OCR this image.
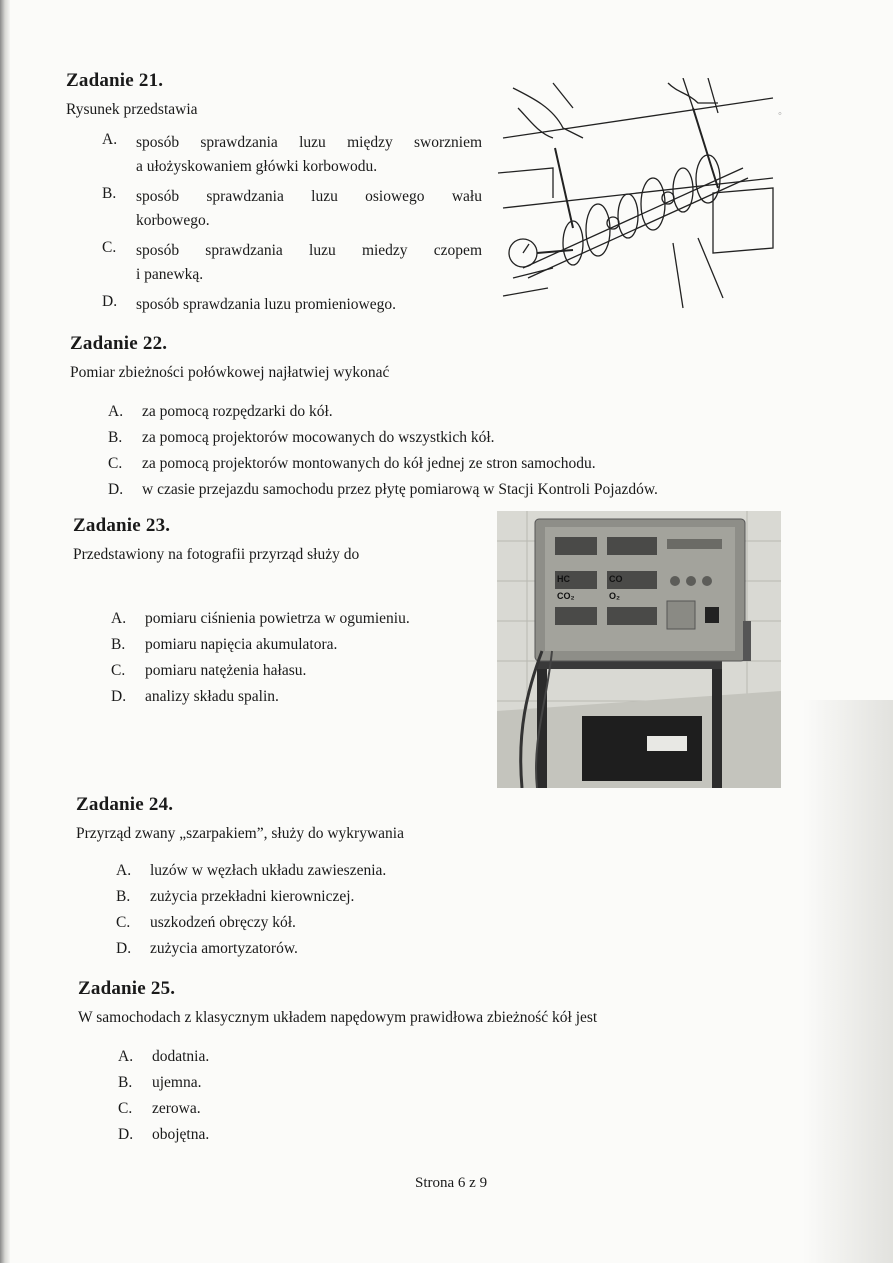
Zadanie 21.
Rysunek przedstawia
A.	sposób sprawdzania luzu między sworzniem
a ułożyskowaniem główki korbowodu.
B.	sposób sprawdzania luzu osiowego wału
korbowego.
C.	sposób sprawdzania luzu miedzy czopem
i panewką.
D.	sposób sprawdzania luzu promieniowego.
◦
Zadanie 22.
Pomiar zbieżności połówkowej najłatwiej wykonać
A.	za pomocą rozpędzarki do kół.
B.	za pomocą projektorów mocowanych do wszystkich kół.
C.	za pomocą projektorów montowanych do kół jednej ze stron samochodu.
D.	w czasie przejazdu samochodu przez płytę pomiarową w Stacji Kontroli Pojazdów.
Zadanie 23.
Przedstawiony na fotografii przyrząd służy do
A.	pomiaru ciśnienia powietrza w ogumieniu.
B.	pomiaru napięcia akumulatora.
C.	pomiaru natężenia hałasu.
D.	analizy składu spalin.
HC	CO
CO₂	O₂
Zadanie 24.
Przyrząd zwany „szarpakiem”, służy do wykrywania
A.	luzów w węzłach układu zawieszenia.
B.	zużycia przekładni kierowniczej.
C.	uszkodzeń obręczy kół.
D.	zużycia amortyzatorów.
Zadanie 25.
W samochodach z klasycznym układem napędowym prawidłowa zbieżność kół jest
A.	dodatnia.
B.	ujemna.
C.	zerowa.
D.	obojętna.
Strona 6 z 9
